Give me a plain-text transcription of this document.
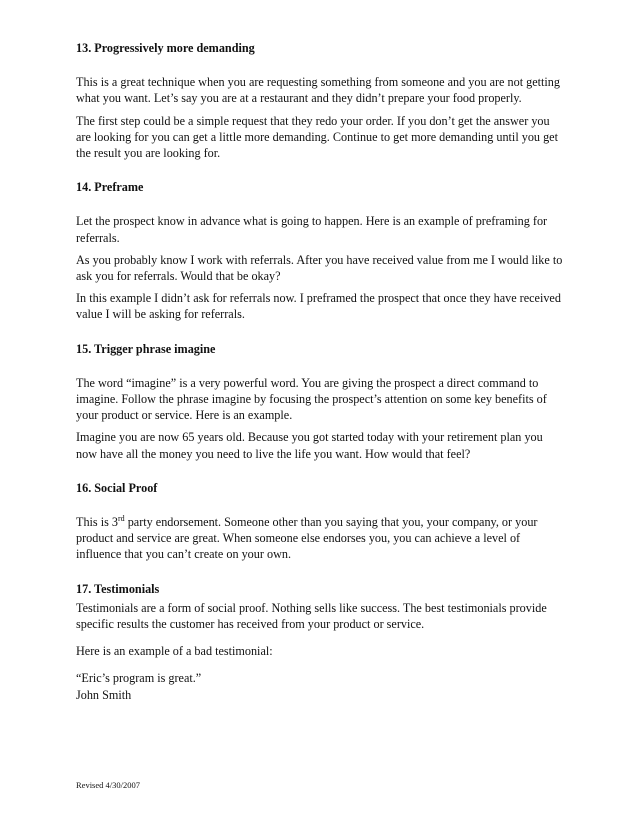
13. Progressively more demanding

This is a great technique when you are requesting something from someone and you are not getting what you want. Let’s say you are at a restaurant and they didn’t prepare your food properly.

The first step could be a simple request that they redo your order. If you don’t get the answer you are looking for you can get a little more demanding. Continue to get more demanding until you get the result you are looking for.

14. Preframe

Let the prospect know in advance what is going to happen. Here is an example of preframing for referrals.

As you probably know I work with referrals. After you have received value from me I would like to ask you for referrals. Would that be okay?

In this example I didn’t ask for referrals now. I preframed the prospect that once they have received value I will be asking for referrals.

15. Trigger phrase imagine

The word “imagine” is a very powerful word. You are giving the prospect a direct command to imagine. Follow the phrase imagine by focusing the prospect’s attention on some key benefits of your product or service. Here is an example.

Imagine you are now 65 years old. Because you got started today with your retirement plan you now have all the money you need to live the life you want. How would that feel?

16. Social Proof

This is 3rd party endorsement. Someone other than you saying that you, your company, or your product and service are great. When someone else endorses you, you can achieve a level of influence that you can’t create on your own.

17. Testimonials

Testimonials are a form of social proof. Nothing sells like success. The best testimonials provide specific results the customer has received from your product or service.

Here is an example of a bad testimonial:

“Eric’s program is great.”

John Smith

Revised 4/30/2007
